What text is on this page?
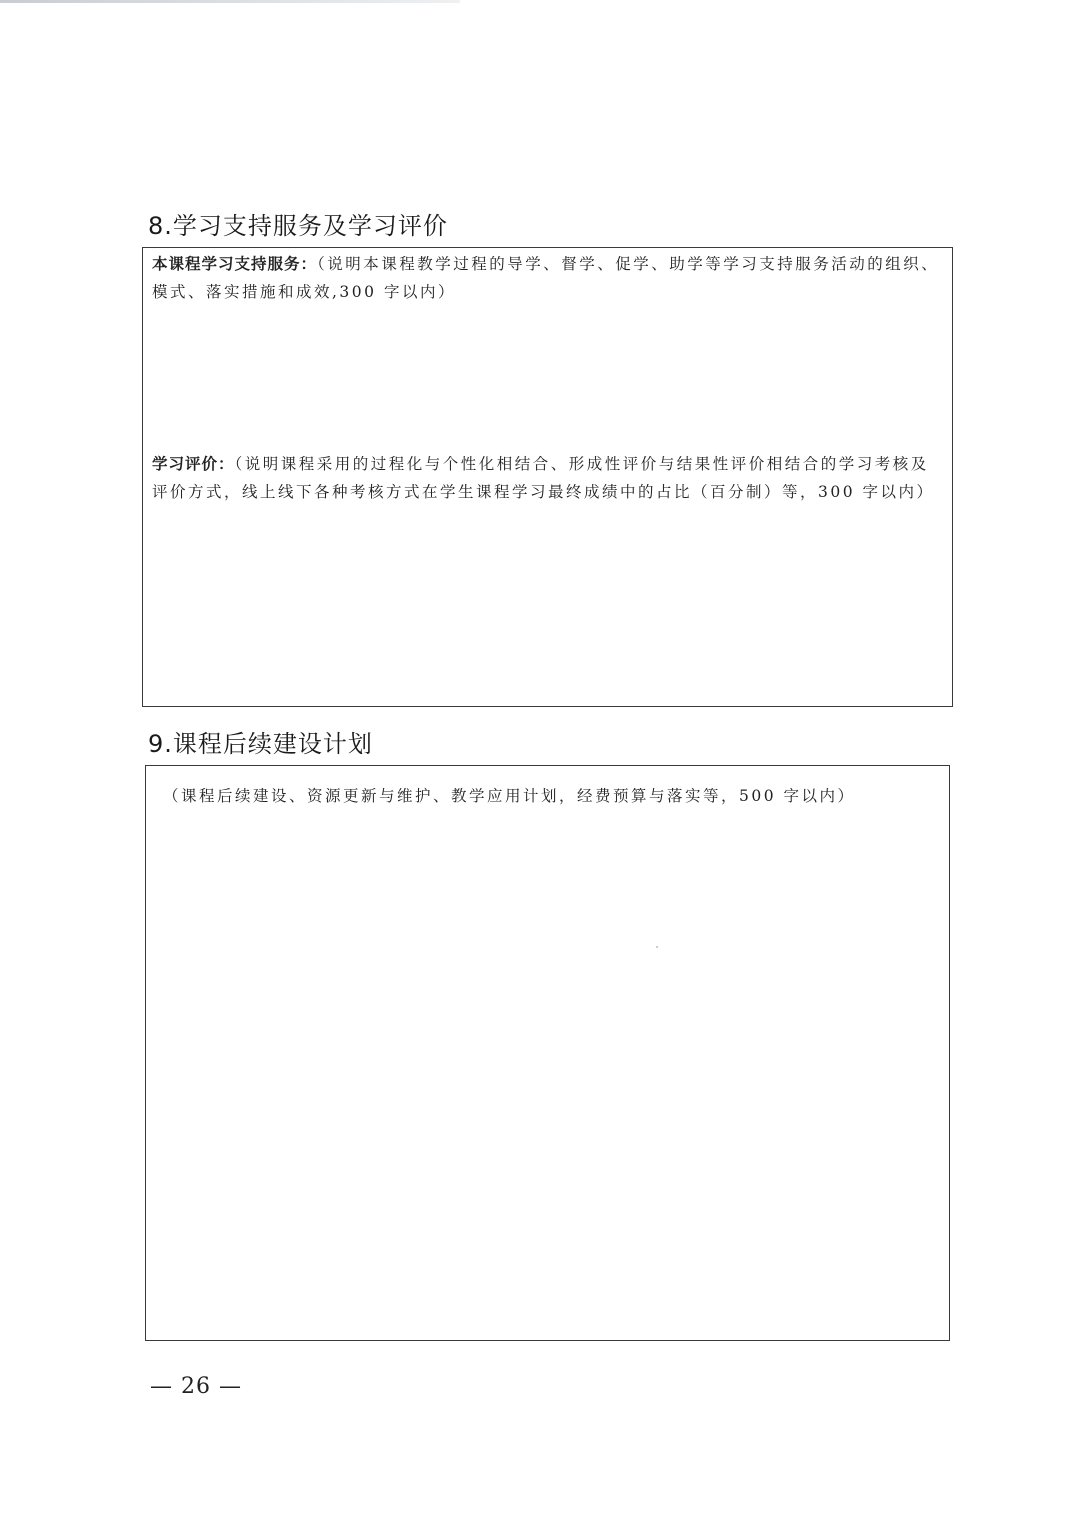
8.学习支持服务及学习评价
本课程学习支持服务：（说明本课程教学过程的导学、督学、促学、助学等学习支持服务活动的组织、模式、落实措施和成效,300 字以内）
学习评价：（说明课程采用的过程化与个性化相结合、形成性评价与结果性评价相结合的学习考核及评价方式，线上线下各种考核方式在学生课程学习最终成绩中的占比（百分制）等，300 字以内）
9.课程后续建设计划
（课程后续建设、资源更新与维护、教学应用计划，经费预算与落实等，500 字以内）
— 26 —
